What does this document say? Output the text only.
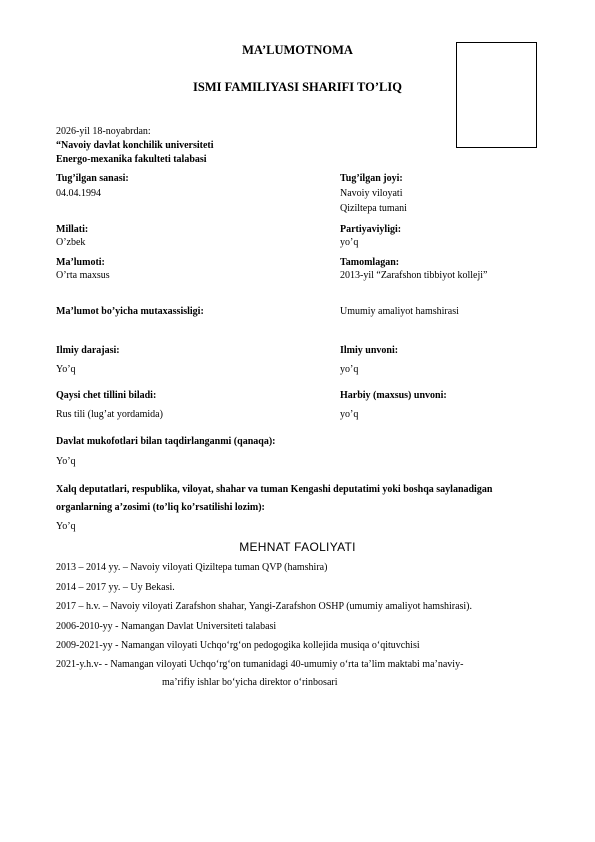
MA’LUMOTNOMA
ISMI FAMILIYASI SHARIFI TO’LIQ
2026-yil 18-noyabrdan:
“Navoiy davlat konchilik universiteti
Energo-mexanika fakulteti talabasi
Tug’ilgan sanasi:
04.04.1994
Tug’ilgan joyi:
Navoiy viloyati
Qiziltepa tumani
Millati:
O’zbek
Partiyaviyligi:
yo’q
Ma’lumoti:
O’rta maxsus
Tamomlagan:
2013-yil “Zarafshon tibbiyot kolleji”
Ma’lumot bo’yicha mutaxassisligi:	Umumiy amaliyot hamshirasi
Ilmiy darajasi:
Yo’q
Ilmiy unvoni:
yo’q
Qaysi chet tillini biladi:
Rus tili (lug’at yordamida)
Harbiy (maxsus) unvoni:
yo’q
Davlat mukofotlari bilan taqdirlanganmi (qanaqa):
Yo’q
Xalq deputatlari, respublika, viloyat, shahar va tuman Kengashi deputatimi yoki boshqa saylanadigan
organlarning a’zosimi (to’liq ko’rsatilishi lozim):
Yo’q
MEHNAT FAOLIYATI
2013 – 2014 yy. – Navoiy viloyati Qiziltepa tuman QVP (hamshira)
2014 – 2017 yy. – Uy Bekasi.
2017 – h.v. – Navoiy viloyati Zarafshon shahar, Yangi-Zarafshon OSHP (umumiy amaliyot hamshirasi).
2006-2010-yy - Namangan Davlat Universiteti talabasi
2009-2021-yy - Namangan viloyati Uchqo‘rg‘on pedogogika kollejida musiqa o‘qituvchisi
2021-y.h.v- - Namangan viloyati Uchqo‘rg‘on tumanidagi 40-umumiy o‘rta ta’lim maktabi ma’naviy-
ma’rifiy ishlar bo‘yicha direktor o‘rinbosari
